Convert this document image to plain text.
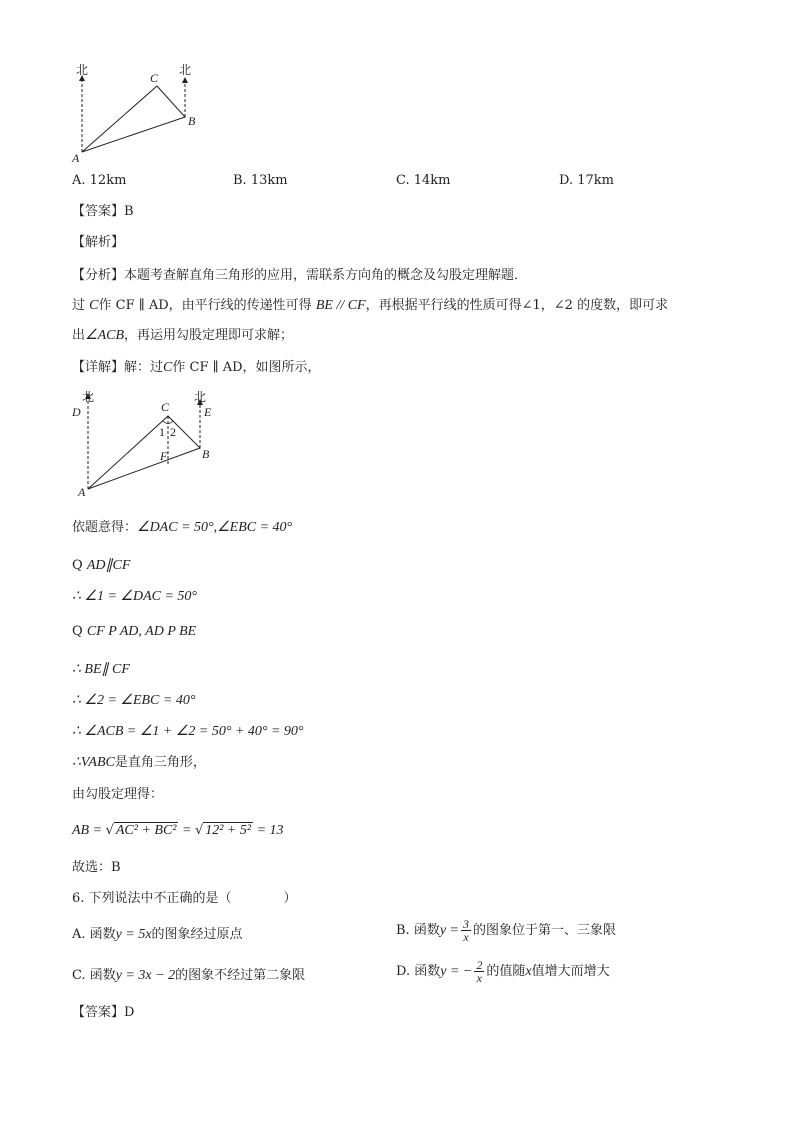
北	北
C
B
A
A. 12km	B. 13km	C. 14km	D. 17km
【答案】B
【解析】
【分析】本题考查解直角三角形的应用，需联系方向角的概念及勾股定理解题．
过 C作 CF ∥ AD，由平行线的传递性可得 BE // CF，再根据平行线的性质可得∠1，∠2 的度数，即可求
出∠ACB，再运用勾股定理即可求解；
【详解】解：过C作 CF ∥ AD，如图所示，
北	北
D	E
C
1 2
F	B
A
依题意得：∠DAC = 50°,∠EBC = 40°
Q AD∥CF
∴ ∠1 = ∠DAC = 50°
Q CF P AD, AD P BE
∴ BE∥ CF
∴ ∠2 = ∠EBC = 40°
∴ ∠ACB = ∠1 + ∠2 = 50° + 40° = 90°
∴VABC是直角三角形，
由勾股定理得：
AB = √ AC² + BC² = √ 12² + 5² = 13
故选：B
6. 下列说法中不正确的是（　　　　）
A. 函数y = 5x的图象经过原点	B. 函数$y = \frac{3}{x}$ 的图象位于第一、三象限
C. 函数y = 3x − 2的图象不经过第二象限	D. 函数y = − $\frac{2}{x}$ 的值随x值增大而增大
【答案】D
